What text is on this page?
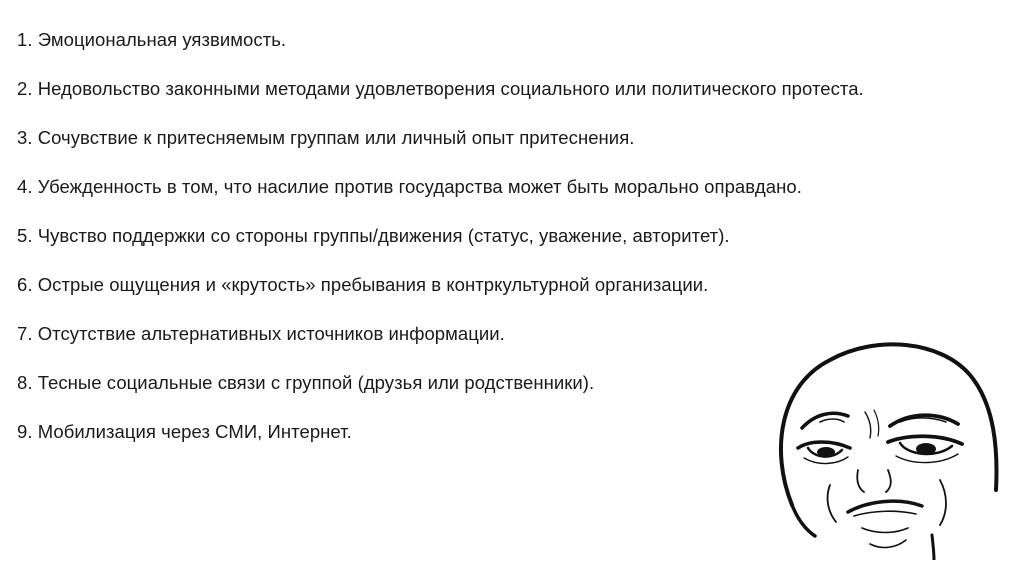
1. Эмоциональная уязвимость.
2. Недовольство законными методами удовлетворения социального или политического протеста.
3. Сочувствие к притесняемым группам или личный опыт притеснения.
4. Убежденность в том, что насилие против государства может быть морально оправдано.
5. Чувство поддержки со стороны группы/движения (статус, уважение, авторитет).
6. Острые ощущения и «крутость» пребывания в контркультурной организации.
7. Отсутствие альтернативных источников информации.
8. Тесные социальные связи с группой (друзья или родственники).
9. Мобилизация через СМИ, Интернет.
